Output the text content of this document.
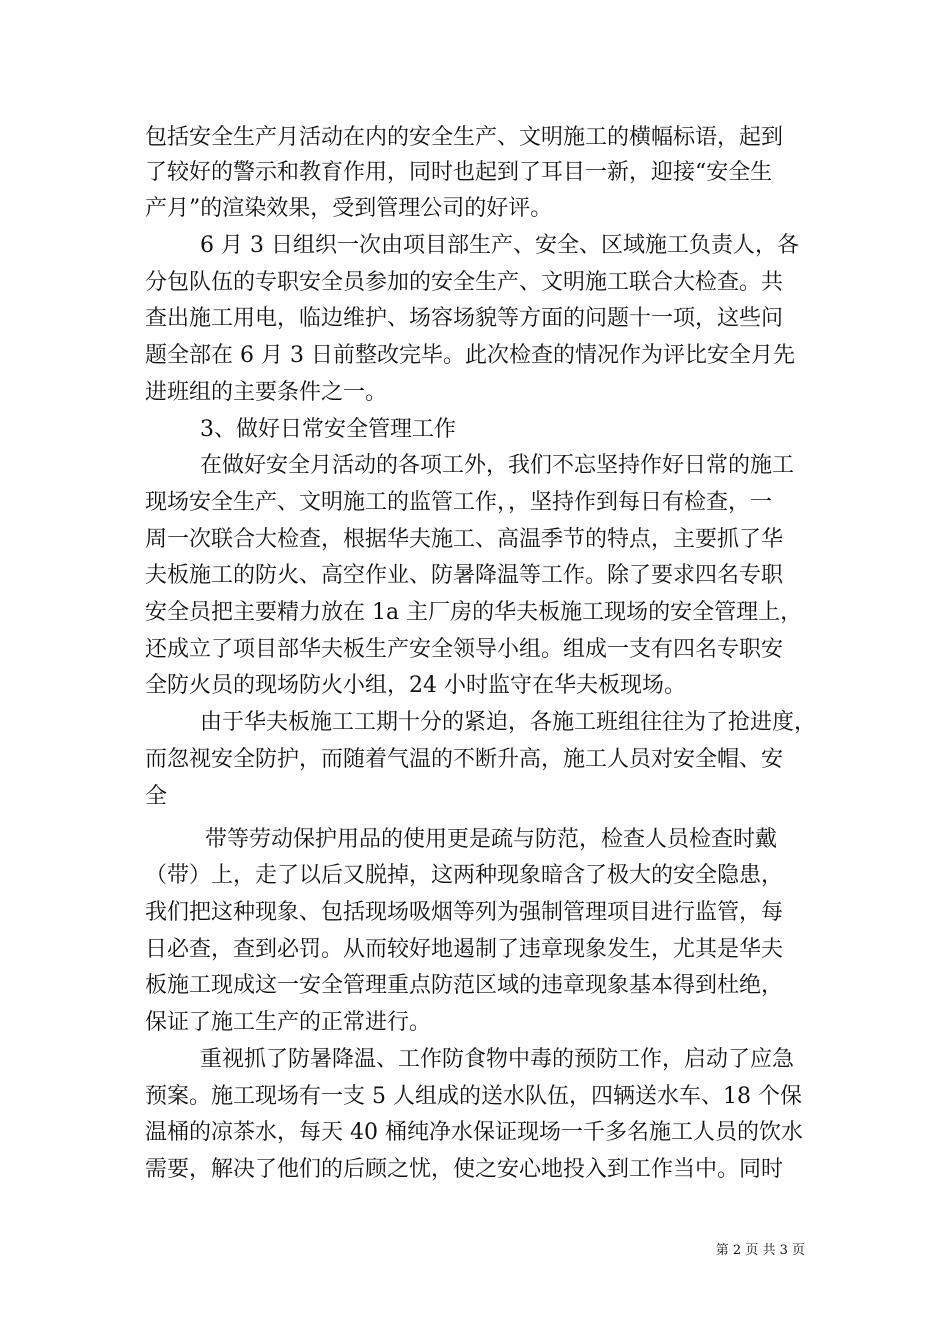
包括安全生产月活动在内的安全生产、文明施工的横幅标语，起到
了较好的警示和教育作用，同时也起到了耳目一新，迎接“安全生
产月”的渲染效果，受到管理公司的好评。
6 月 3 日组织一次由项目部生产、安全、区域施工负责人，各
分包队伍的专职安全员参加的安全生产、文明施工联合大检查。共
查出施工用电，临边维护、场容场貌等方面的问题十一项，这些问
题全部在 6 月 3 日前整改完毕。此次检查的情况作为评比安全月先
进班组的主要条件之一。
3、做好日常安全管理工作
在做好安全月活动的各项工外，我们不忘坚持作好日常的施工
现场安全生产、文明施工的监管工作，，坚持作到每日有检查，一
周一次联合大检查，根据华夫施工、高温季节的特点，主要抓了华
夫板施工的防火、高空作业、防暑降温等工作。除了要求四名专职
安全员把主要精力放在 1a 主厂房的华夫板施工现场的安全管理上，
还成立了项目部华夫板生产安全领导小组。组成一支有四名专职安
全防火员的现场防火小组，24 小时监守在华夫板现场。
由于华夫板施工工期十分的紧迫，各施工班组往往为了抢进度，
而忽视安全防护，而随着气温的不断升高，施工人员对安全帽、安
全
带等劳动保护用品的使用更是疏与防范，检查人员检查时戴
（带）上，走了以后又脱掉，这两种现象暗含了极大的安全隐患，
我们把这种现象、包括现场吸烟等列为强制管理项目进行监管，每
日必查，查到必罚。从而较好地遏制了违章现象发生，尤其是华夫
板施工现成这一安全管理重点防范区域的违章现象基本得到杜绝，
保证了施工生产的正常进行。
重视抓了防暑降温、工作防食物中毒的预防工作，启动了应急
预案。施工现场有一支 5 人组成的送水队伍，四辆送水车、18 个保
温桶的凉茶水，每天 40 桶纯净水保证现场一千多名施工人员的饮水
需要，解决了他们的后顾之忧，使之安心地投入到工作当中。同时
第 2 页 共 3 页
